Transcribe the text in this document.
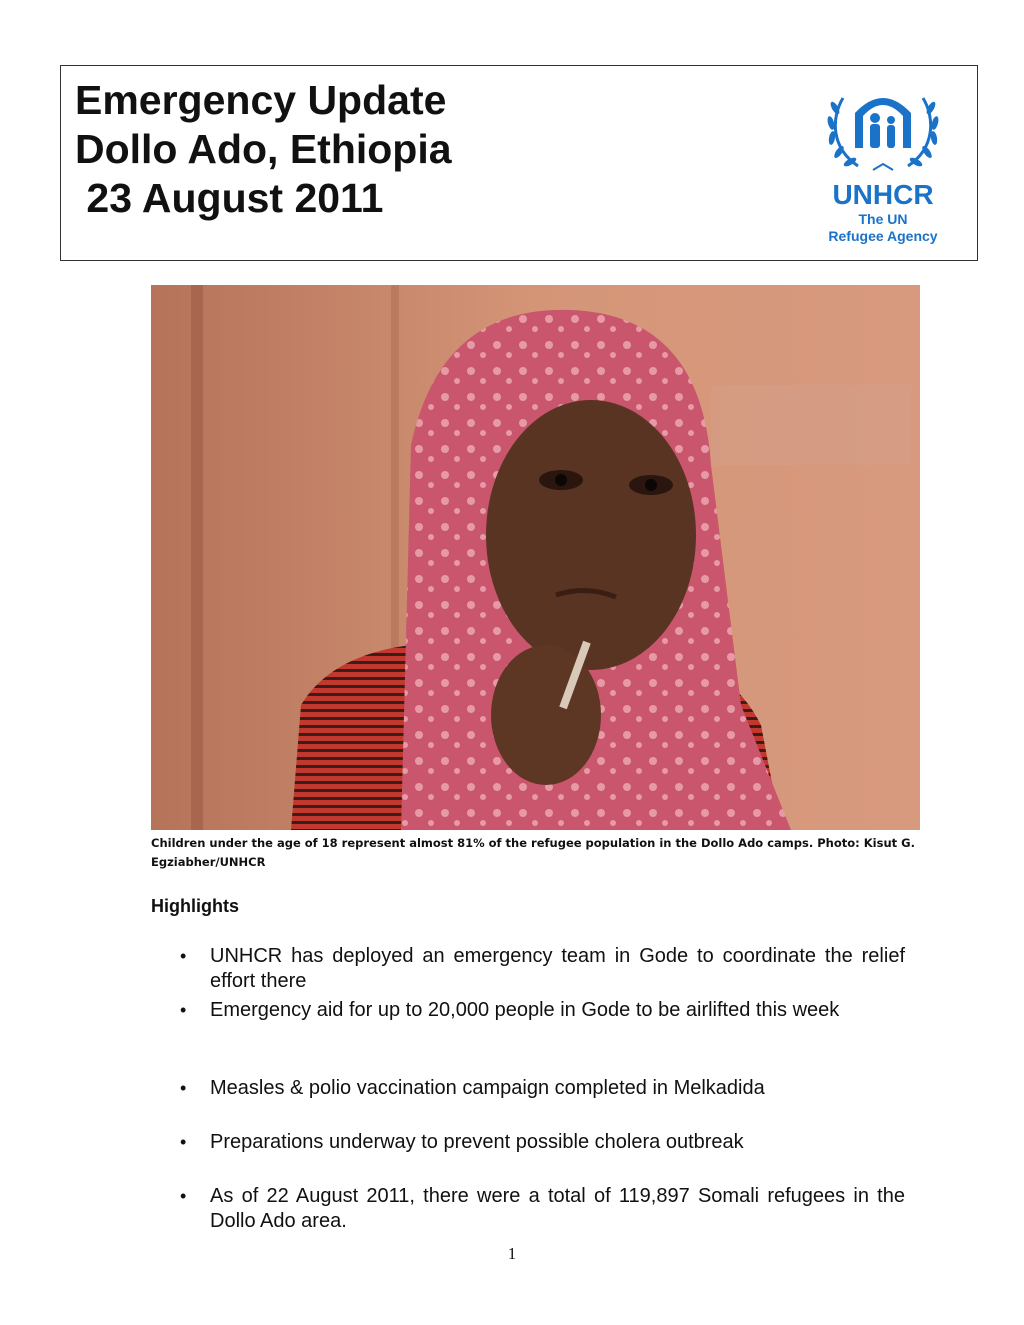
Emergency Update
Dollo Ado, Ethiopia
23 August 2011	UNHCR
The UN
Refugee Agency
Children under the age of 18 represent almost 81% of the refugee population in the Dollo Ado camps. Photo: Kisut G. Egziabher/UNHCR
Highlights
•	UNHCR has deployed an emergency team in Gode to coordinate the relief effort there
•	Emergency aid for up to 20,000 people in Gode to be airlifted this week
•	Measles & polio vaccination campaign completed in Melkadida
•	Preparations underway to prevent possible cholera outbreak
•	As of 22 August 2011, there were a total of 119,897 Somali refugees in the Dollo Ado area.
1
